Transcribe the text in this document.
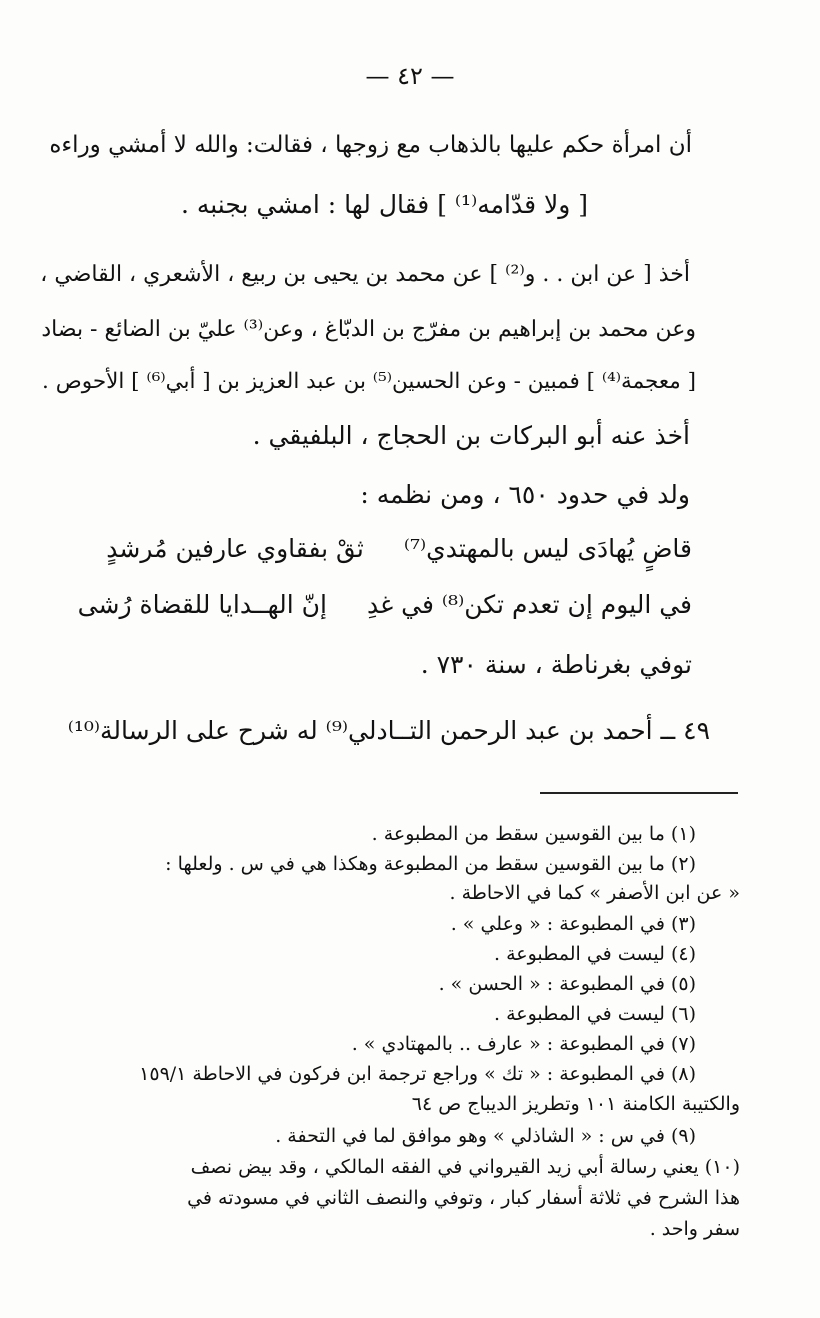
— ٤٢ —
أن امرأة حكم عليها بالذهاب مع زوجها ، فقالت: والله لا أمشي وراءه
[ ولا قدّامه⁽¹⁾ ] فقال لها : امشي بجنبه .
أخذ [ عن ابن . . و⁽²⁾ ] عن محمد بن يحيى بن ربيع ، الأشعري ، القاضي ،
وعن محمد بن إبراهيم بن مفرّج بن الدبّاغ ، وعن⁽³⁾ عليّ بن الضائع - بضاد
[ معجمة⁽⁴⁾ ] فمبين - وعن الحسين⁽⁵⁾ بن عبد العزيز بن [ أبي⁽⁶⁾ ] الأحوص .
أخذ عنه أبو البركات بن الحجاج ، البلفيقي .
ولد في حدود ٦٥٠ ، ومن نظمه :
ثقْ بفقاوي عارفين مُرشدٍ قاضٍ يُهادَى ليس بالمهتدي⁽⁷⁾
إنّ الهــدايا للقضاة رُشى في اليوم إن تعدم تكن⁽⁸⁾ في غدِ
توفي بغرناطة ، سنة ٧٣٠ .
٤٩ ــ أحمد بن عبد الرحمن التــادلي⁽⁹⁾ له شرح على الرسالة⁽¹⁰⁾
(١) ما بين القوسين سقط من المطبوعة .
(٢) ما بين القوسين سقط من المطبوعة وهكذا هي في س . ولعلها :
« عن ابن الأصفر » كما في الاحاطة .
(٣) في المطبوعة : « وعلي » .
(٤) ليست في المطبوعة .
(٥) في المطبوعة : « الحسن » .
(٦) ليست في المطبوعة .
(٧) في المطبوعة : « عارف .. بالمهتادي » .
(٨) في المطبوعة : « تك » وراجع ترجمة ابن فركون في الاحاطة ١٥٩/١
والكتيبة الكامنة ١٠١ وتطريز الديباج ص ٦٤
(٩) في س : « الشاذلي » وهو موافق لما في التحفة .
(١٠) يعني رسالة أبي زيد القيرواني في الفقه المالكي ، وقد بيض نصف
هذا الشرح في ثلاثة أسفار كبار ، وتوفي والنصف الثاني في مسودته في
سفر واحد .
